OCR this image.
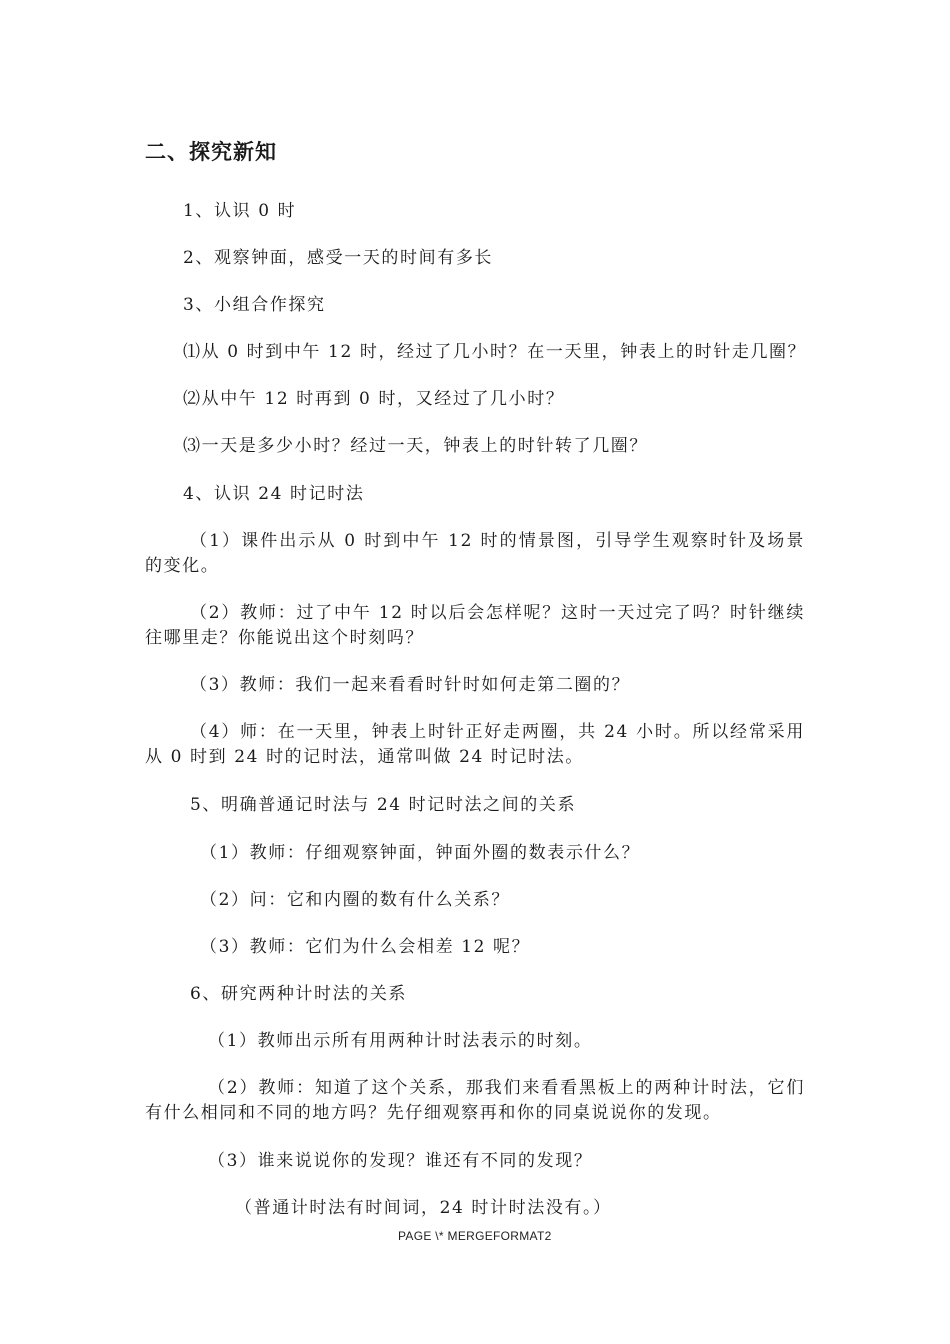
二、探究新知
1、认识 0 时
2、观察钟面，感受一天的时间有多长
3、小组合作探究
⑴从 0 时到中午 12 时，经过了几小时？在一天里，钟表上的时针走几圈？
⑵从中午 12 时再到 0 时，又经过了几小时？
⑶一天是多少小时？经过一天，钟表上的时针转了几圈？
4、认识 24 时记时法
（1）课件出示从 0 时到中午 12 时的情景图，引导学生观察时针及场景的变化。
（2）教师：过了中午 12 时以后会怎样呢？这时一天过完了吗？时针继续往哪里走？你能说出这个时刻吗？
（3）教师：我们一起来看看时针时如何走第二圈的？
（4）师：在一天里，钟表上时针正好走两圈，共 24 小时。所以经常采用从 0 时到 24 时的记时法，通常叫做 24 时记时法。
5、明确普通记时法与 24 时记时法之间的关系
（1）教师：仔细观察钟面，钟面外圈的数表示什么？
（2）问：它和内圈的数有什么关系？
（3）教师：它们为什么会相差 12 呢？
6、研究两种计时法的关系
（1）教师出示所有用两种计时法表示的时刻。
（2）教师：知道了这个关系，那我们来看看黑板上的两种计时法，它们有什么相同和不同的地方吗？先仔细观察再和你的同桌说说你的发现。
（3）谁来说说你的发现？谁还有不同的发现？
（普通计时法有时间词，24 时计时法没有。）
PAGE \* MERGEFORMAT2
